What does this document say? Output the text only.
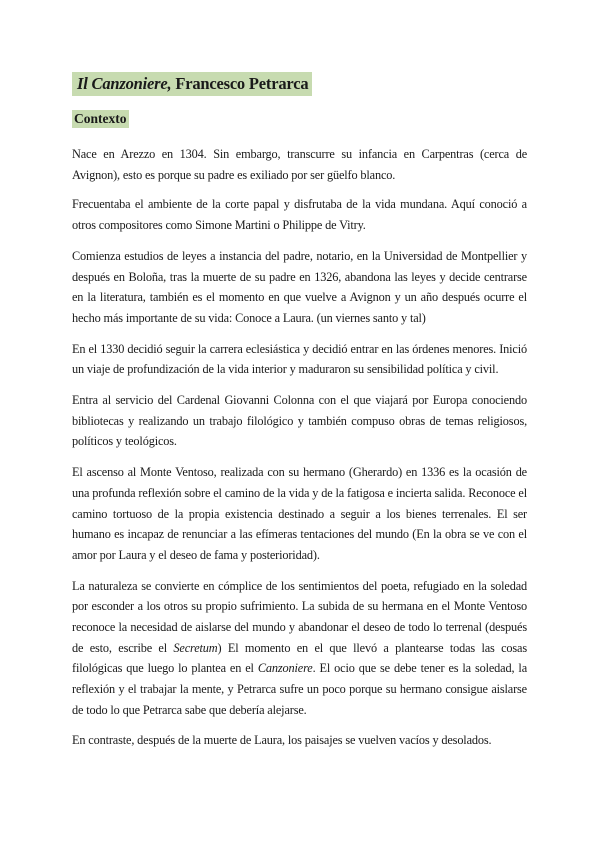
Il Canzoniere, Francesco Petrarca
Contexto

Nace en Arezzo en 1304. Sin embargo, transcurre su infancia en Carpentras (cerca de Avignon), esto es porque su padre es exiliado por ser güelfo blanco.

Frecuentaba el ambiente de la corte papal y disfrutaba de la vida mundana. Aquí conoció a otros compositores como Simone Martini o Philippe de Vitry.

Comienza estudios de leyes a instancia del padre, notario, en la Universidad de Montpellier y después en Boloña, tras la muerte de su padre en 1326, abandona las leyes y decide centrarse en la literatura, también es el momento en que vuelve a Avignon y un año después ocurre el hecho más importante de su vida: Conoce a Laura. (un viernes santo y tal)

En el 1330 decidió seguir la carrera eclesiástica y decidió entrar en las órdenes menores. Inició un viaje de profundización de la vida interior y maduraron su sensibilidad política y civil.

Entra al servicio del Cardenal Giovanni Colonna con el que viajará por Europa conociendo bibliotecas y realizando un trabajo filológico y también compuso obras de temas religiosos, políticos y teológicos.

El ascenso al Monte Ventoso, realizada con su hermano (Gherardo) en 1336 es la ocasión de una profunda reflexión sobre el camino de la vida y de la fatigosa e incierta salida. Reconoce el camino tortuoso de la propia existencia destinado a seguir a los bienes terrenales. El ser humano es incapaz de renunciar a las efímeras tentaciones del mundo (En la obra se ve con el amor por Laura y el deseo de fama y posterioridad).

La naturaleza se convierte en cómplice de los sentimientos del poeta, refugiado en la soledad por esconder a los otros su propio sufrimiento. La subida de su hermana en el Monte Ventoso reconoce la necesidad de aislarse del mundo y abandonar el deseo de todo lo terrenal (después de esto, escribe el Secretum) El momento en el que llevó a plantearse todas las cosas filológicas que luego lo plantea en el Canzoniere. El ocio que se debe tener es la soledad, la reflexión y el trabajar la mente, y Petrarca sufre un poco porque su hermano consigue aislarse de todo lo que Petrarca sabe que debería alejarse.

En contraste, después de la muerte de Laura, los paisajes se vuelven vacíos y desolados.
